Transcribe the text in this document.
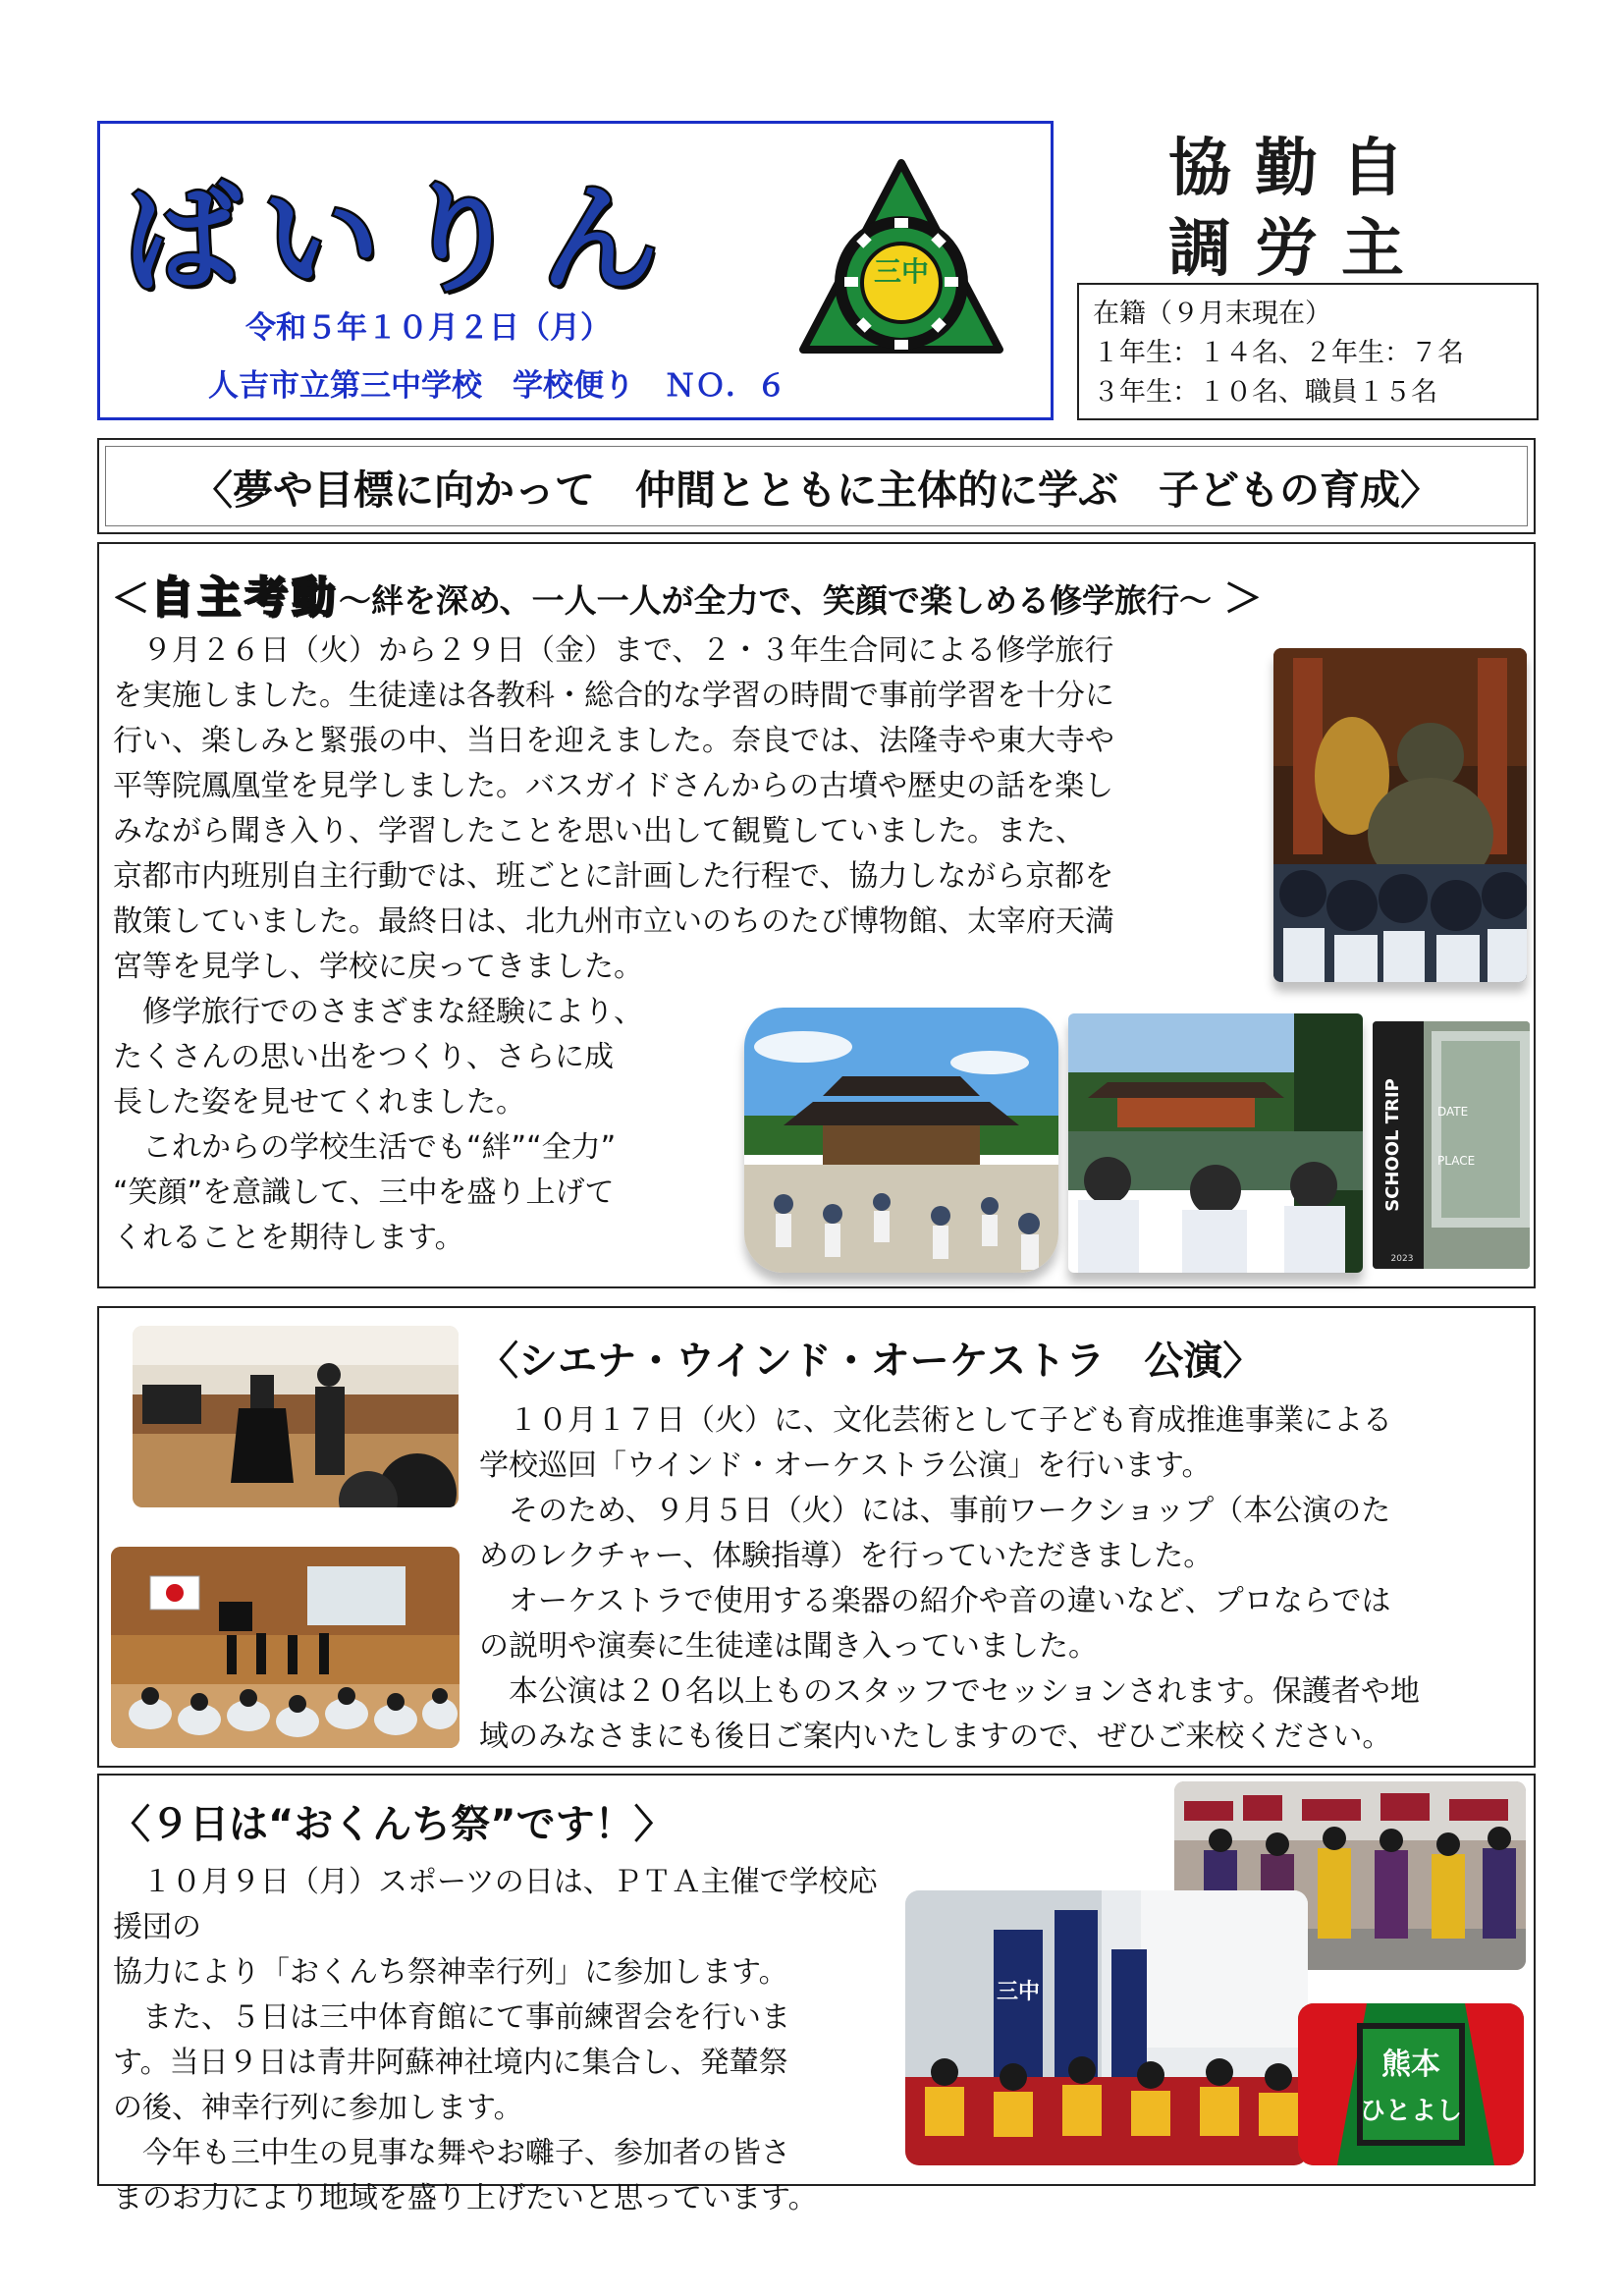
ばいりん
令和５年１０月２日（月）
人吉市立第三中学校　学校便り　ＮＯ．６
三中
協勤自
調労主
在籍（９月末現在）
１年生：１４名、２年生：７名
３年生：１０名、職員１５名
〈夢や目標に向かって　仲間とともに主体的に学ぶ　子どもの育成〉
＜自主考動～絆を深め、一人一人が全力で、笑顔で楽しめる修学旅行～ ＞

　９月２６日（火）から２９日（金）まで、２・３年生合同による修学旅行

を実施しました。生徒達は各教科・総合的な学習の時間で事前学習を十分に

行い、楽しみと緊張の中、当日を迎えました。奈良では、法隆寺や東大寺や

平等院鳳凰堂を見学しました。バスガイドさんからの古墳や歴史の話を楽し

みながら聞き入り、学習したことを思い出して観覧していました。また、

京都市内班別自主行動では、班ごとに計画した行程で、協力しながら京都を

散策していました。最終日は、北九州市立いのちのたび博物館、太宰府天満

宮等を見学し、学校に戻ってきました。

　修学旅行でのさまざまな経験により、

たくさんの思い出をつくり、さらに成

長した姿を見せてくれました。

　これからの学校生活でも“絆”“全力”

“笑顔”を意識して、三中を盛り上げて

くれることを期待します。

SCHOOL TRIP
2023
DATE
PLACE
〈シエナ・ウインド・オーケストラ　公演〉

　１０月１７日（火）に、文化芸術として子ども育成推進事業による

学校巡回「ウインド・オーケストラ公演」を行います。

　そのため、９月５日（火）には、事前ワークショップ（本公演のた

めのレクチャー、体験指導）を行っていただきました。

　オーケストラで使用する楽器の紹介や音の違いなど、プロならでは

の説明や演奏に生徒達は聞き入っていました。

　本公演は２０名以上ものスタッフでセッションされます。保護者や地

域のみなさまにも後日ご案内いたしますので、ぜひご来校ください。

〈９日は“おくんち祭”です！〉

　１０月９日（月）スポーツの日は、ＰＴＡ主催で学校応援団の

協力により「おくんち祭神幸行列」に参加します。

　また、５日は三中体育館にて事前練習会を行いま

す。当日９日は青井阿蘇神社境内に集合し、発輦祭

の後、神幸行列に参加します。

　今年も三中生の見事な舞やお囃子、参加者の皆さ

まのお力により地域を盛り上げたいと思っています。

三中
熊本
ひとよし
